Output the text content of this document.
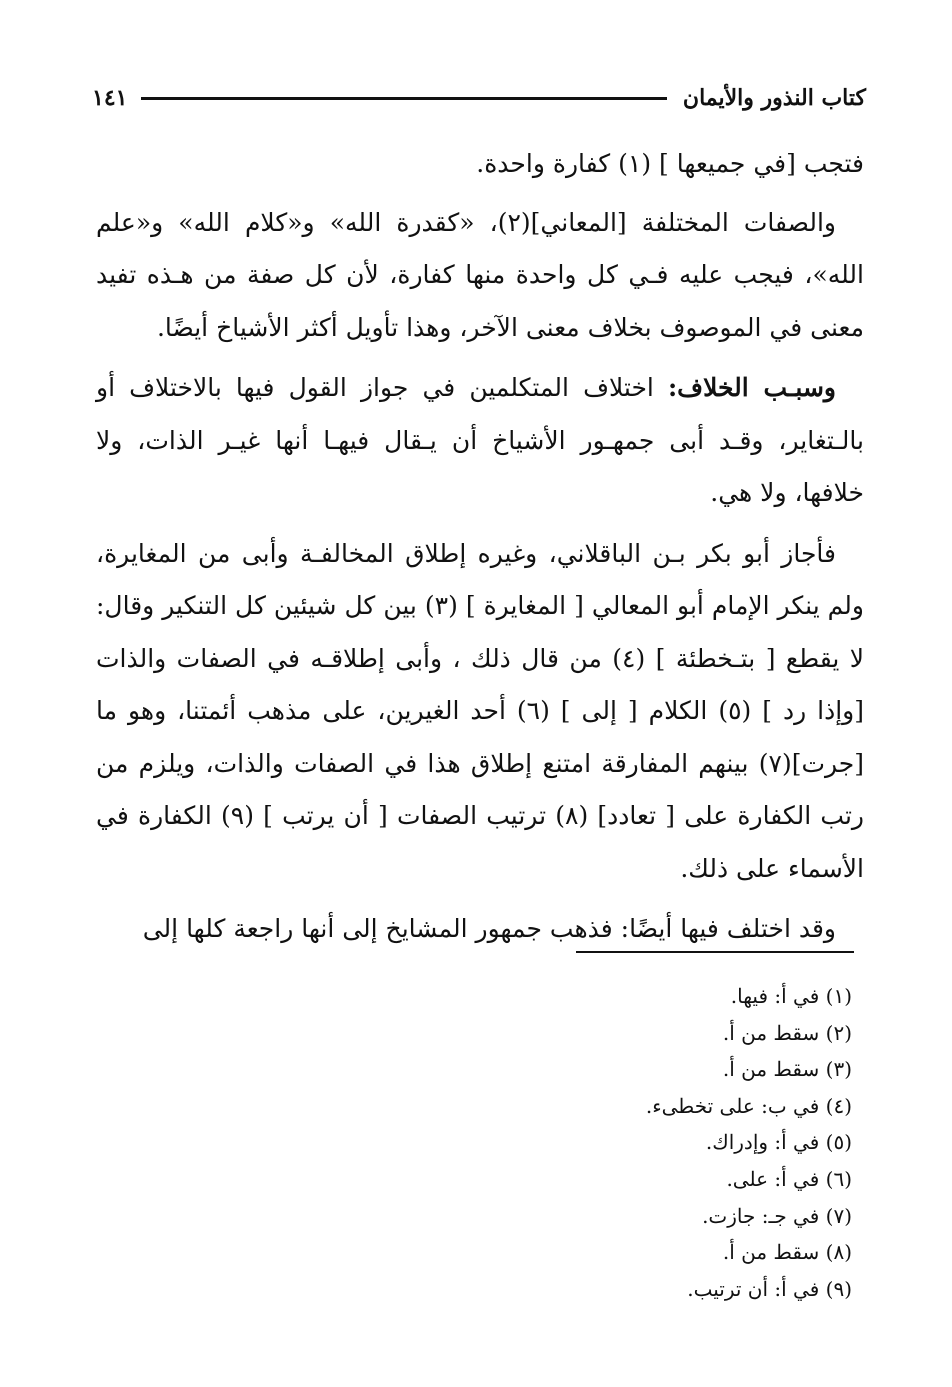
كتاب النذور والأيمان
١٤١

فتجب [في جميعها ] (١) كفارة واحدة.

والصفات المختلفة [المعاني](٢)، «كقدرة الله» و«كلام الله» و«علم الله»، فيجب عليه فـي كل واحدة منها كفارة، لأن كل صفة من هـذه تفيد معنى في الموصوف بخلاف معنى الآخر، وهذا تأويل أكثر الأشياخ أيضًا.

وسبـب الخلاف: اختلاف المتكلمين في جواز القول فيها بالاختلاف أو بالـتغاير، وقـد أبى جمهـور الأشياخ أن يـقال فيهـا أنها غيـر الذات، ولا خلافها، ولا هي.

فأجاز أبو بكر بـن الباقلاني، وغيره إطلاق المخالفـة وأبى من المغايرة، ولم ينكر الإمام أبو المعالي [ المغايرة ] (٣) بين كل شيئين كل التنكير وقال: لا يقطع [ بتـخطئة ] (٤) من قال ذلك ، وأبى إطلاقـه في الصفات والذات [وإذا رد ] (٥) الكلام [ إلى ] (٦) أحد الغيرين، على مذهب أئمتنا، وهو ما [جرت](٧) بينهم المفارقة امتنع إطلاق هذا في الصفات والذات، ويلزم من رتب الكفارة على [ تعادد] (٨) ترتيب الصفات [ أن يرتب ] (٩) الكفارة في الأسماء على ذلك.

وقد اختلف فيها أيضًا: فذهب جمهور المشايخ إلى أنها راجعة كلها إلى

(١) في أ: فيها.
(٢) سقط من أ.
(٣) سقط من أ.
(٤) في ب: على تخطىء.
(٥) في أ: وإدراك.
(٦) في أ: على.
(٧) في جـ: جازت.
(٨) سقط من أ.
(٩) في أ: أن ترتيب.
